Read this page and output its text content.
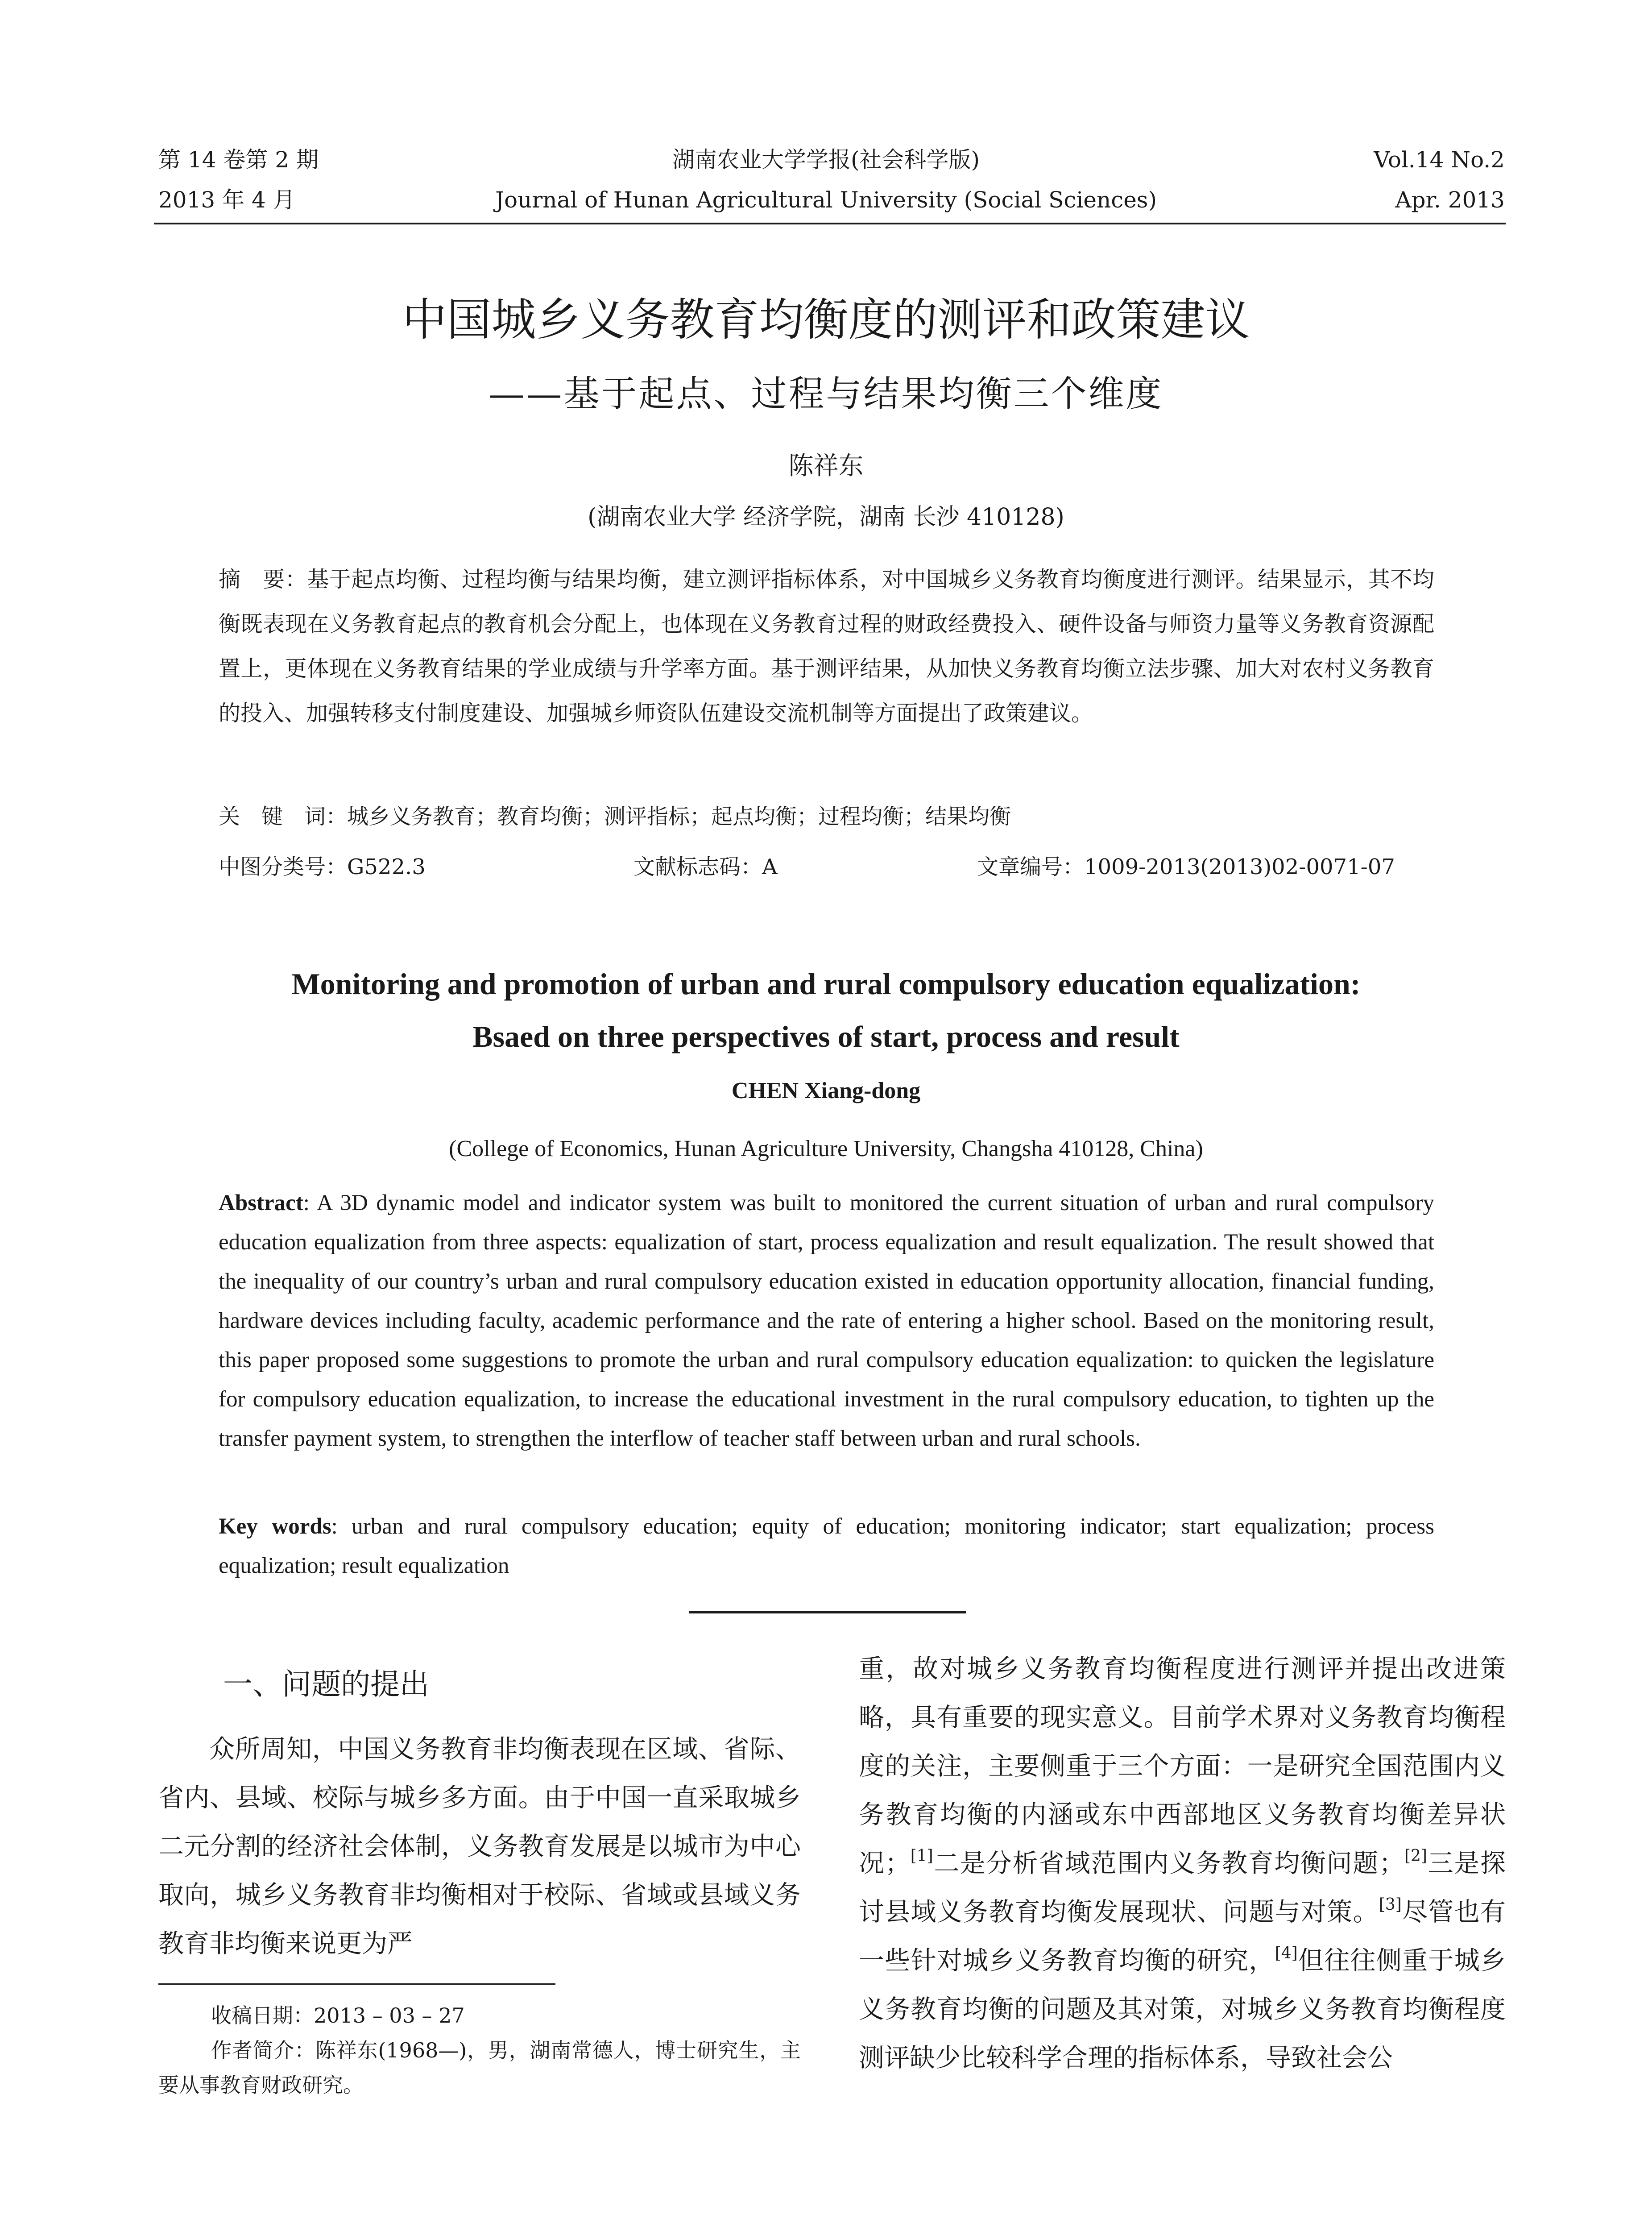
第 14 卷第 2 期
2013 年 4 月
湖南农业大学学报(社会科学版)
Journal of Hunan Agricultural University (Social Sciences)
Vol.14 No.2
Apr. 2013
中国城乡义务教育均衡度的测评和政策建议
——基于起点、过程与结果均衡三个维度
陈祥东
(湖南农业大学 经济学院，湖南 长沙 410128)
摘　要：基于起点均衡、过程均衡与结果均衡，建立测评指标体系，对中国城乡义务教育均衡度进行测评。结果显示，其不均衡既表现在义务教育起点的教育机会分配上，也体现在义务教育过程的财政经费投入、硬件设备与师资力量等义务教育资源配置上，更体现在义务教育结果的学业成绩与升学率方面。基于测评结果，从加快义务教育均衡立法步骤、加大对农村义务教育的投入、加强转移支付制度建设、加强城乡师资队伍建设交流机制等方面提出了政策建议。
关　键　词：城乡义务教育；教育均衡；测评指标；起点均衡；过程均衡；结果均衡
中图分类号：G522.3	文献标志码：A	文章编号：1009-2013(2013)02-0071-07
Monitoring and promotion of urban and rural compulsory education equalization:
Bsaed on three perspectives of start, process and result
CHEN Xiang-dong
(College of Economics, Hunan Agriculture University, Changsha 410128, China)
Abstract: A 3D dynamic model and indicator system was built to monitored the current situation of urban and rural compulsory education equalization from three aspects: equalization of start, process equalization and result equalization. The result showed that the inequality of our country’s urban and rural compulsory education existed in education opportunity allocation, financial funding, hardware devices including faculty, academic performance and the rate of entering a higher school. Based on the monitoring result, this paper proposed some suggestions to promote the urban and rural compulsory education equalization: to quicken the legislature for compulsory education equalization, to increase the educational investment in the rural compulsory education, to tighten up the transfer payment system, to strengthen the interflow of teacher staff between urban and rural schools.
Key words: urban and rural compulsory education; equity of education; monitoring indicator; start equalization; process equalization; result equalization
一、问题的提出
众所周知，中国义务教育非均衡表现在区域、省际、省内、县域、校际与城乡多方面。由于中国一直采取城乡二元分割的经济社会体制，义务教育发展是以城市为中心取向，城乡义务教育非均衡相对于校际、省域或县域义务教育非均衡来说更为严
收稿日期：2013 – 03 – 27
作者简介：陈祥东(1968—)，男，湖南常德人，博士研究生，主要从事教育财政研究。
重，故对城乡义务教育均衡程度进行测评并提出改进策略，具有重要的现实意义。目前学术界对义务教育均衡程度的关注，主要侧重于三个方面：一是研究全国范围内义务教育均衡的内涵或东中西部地区义务教育均衡差异状况；[1]二是分析省域范围内义务教育均衡问题；[2]三是探讨县域义务教育均衡发展现状、问题与对策。[3]尽管也有一些针对城乡义务教育均衡的研究，[4]但往往侧重于城乡义务教育均衡的问题及其对策，对城乡义务教育均衡程度测评缺少比较科学合理的指标体系，导致社会公
